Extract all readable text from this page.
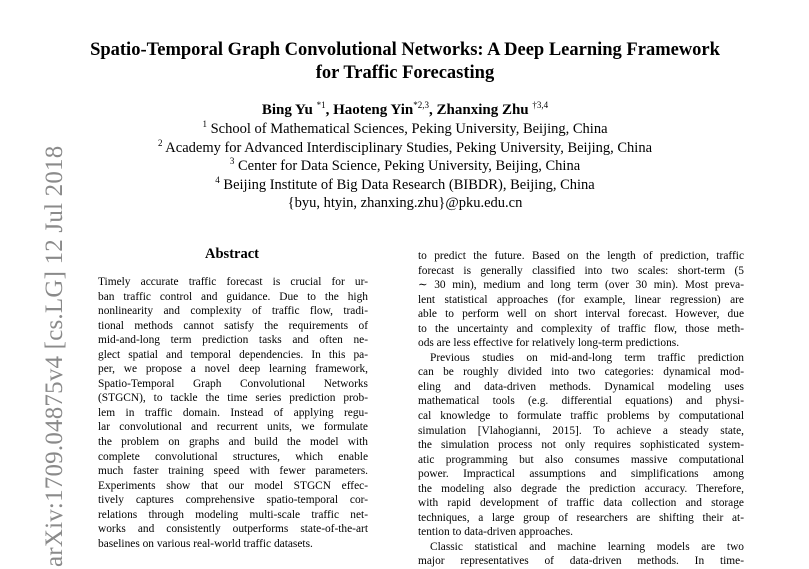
Spatio-Temporal Graph Convolutional Networks: A Deep Learning Framework
for Traffic Forecasting
Bing Yu $^{*1}$, Haoteng Yin$^{*2,3}$, Zhanxing Zhu $^{\dagger 3,4}$
$^1$ School of Mathematical Sciences, Peking University, Beijing, China
$^2$ Academy for Advanced Interdisciplinary Studies, Peking University, Beijing, China
$^3$ Center for Data Science, Peking University, Beijing, China
$^4$ Beijing Institute of Big Data Research (BIBDR), Beijing, China
{byu, htyin, zhanxing.zhu}@pku.edu.cn
arXiv:1709.04875v4 [cs.LG] 12 Jul 2018	Abstract
Timely accurate traffic forecast is crucial for ur-
ban traffic control and guidance. Due to the high
nonlinearity and complexity of traffic flow, tradi-
tional methods cannot satisfy the requirements of
mid-and-long term prediction tasks and often ne-
glect spatial and temporal dependencies. In this pa-
per, we propose a novel deep learning framework,
Spatio-Temporal Graph Convolutional Networks
(STGCN), to tackle the time series prediction prob-
lem in traffic domain. Instead of applying regu-
lar convolutional and recurrent units, we formulate
the problem on graphs and build the model with
complete convolutional structures, which enable
much faster training speed with fewer parameters.
Experiments show that our model STGCN effec-
tively captures comprehensive spatio-temporal cor-
relations through modeling multi-scale traffic net-
works and consistently outperforms state-of-the-art
baselines on various real-world traffic datasets.
to predict the future. Based on the length of prediction, traffic
forecast is generally classified into two scales: short-term (5
∼ 30 min), medium and long term (over 30 min). Most preva-
lent statistical approaches (for example, linear regression) are
able to perform well on short interval forecast. However, due
to the uncertainty and complexity of traffic flow, those meth-
ods are less effective for relatively long-term predictions.
Previous studies on mid-and-long term traffic prediction
can be roughly divided into two categories: dynamical mod-
eling and data-driven methods. Dynamical modeling uses
mathematical tools (e.g. differential equations) and physi-
cal knowledge to formulate traffic problems by computational
simulation [Vlahogianni, 2015]. To achieve a steady state,
the simulation process not only requires sophisticated system-
atic programming but also consumes massive computational
power. Impractical assumptions and simplifications among
the modeling also degrade the prediction accuracy. Therefore,
with rapid development of traffic data collection and storage
techniques, a large group of researchers are shifting their at-
tention to data-driven approaches.
Classic statistical and machine learning models are two
major representatives of data-driven methods. In time-
